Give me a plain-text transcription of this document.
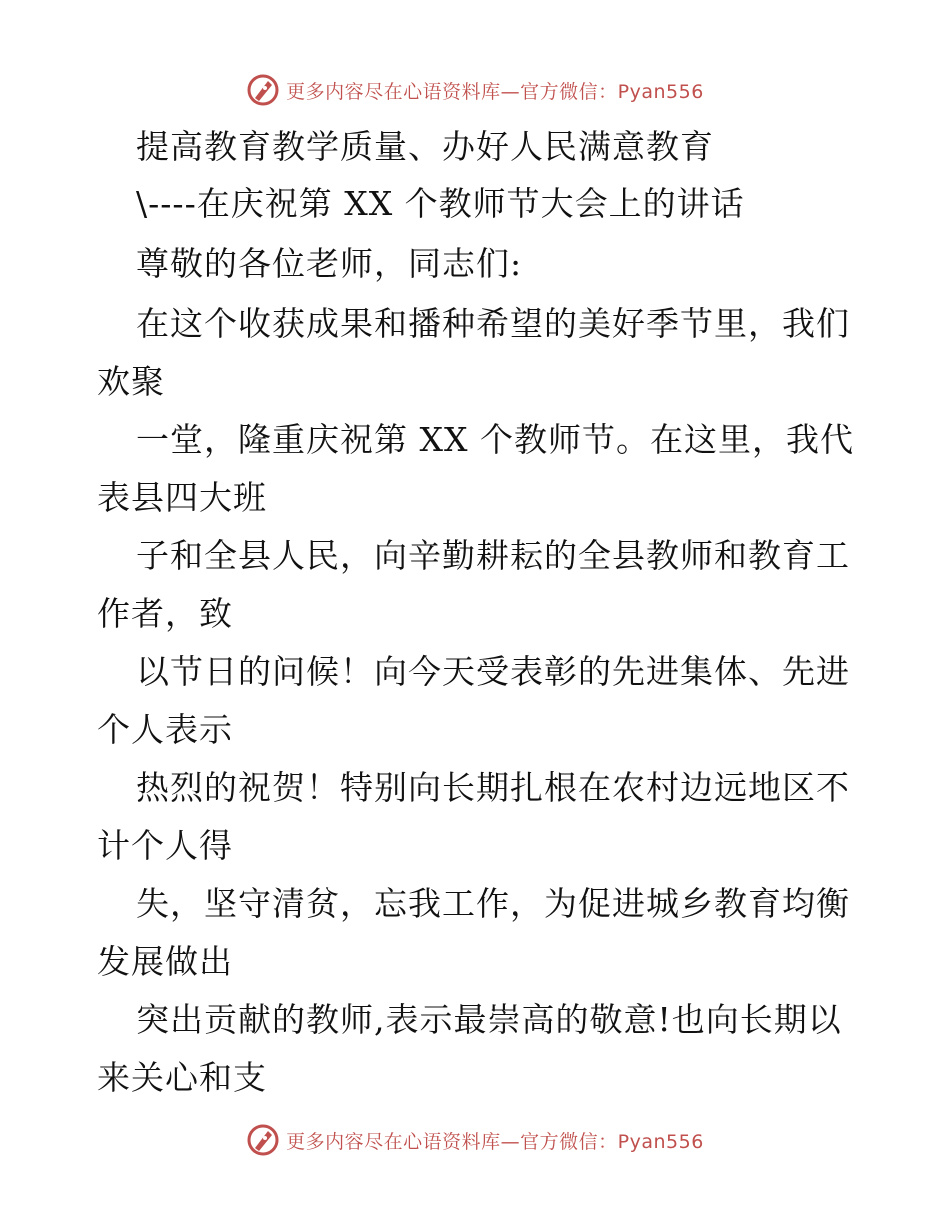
更多内容尽在心语资料库—官方微信：Pyan556
提高教育教学质量、办好人民满意教育
\----在庆祝第 XX 个教师节大会上的讲话
尊敬的各位老师，同志们:
在这个收获成果和播种希望的美好季节里，我们
欢聚
一堂，隆重庆祝第 XX 个教师节。在这里，我代
表县四大班
子和全县人民，向辛勤耕耘的全县教师和教育工
作者，致
以节日的问候！向今天受表彰的先进集体、先进
个人表示
热烈的祝贺！特别向长期扎根在农村边远地区不
计个人得
失，坚守清贫，忘我工作，为促进城乡教育均衡
发展做出
突出贡献的教师,表示最崇高的敬意!也向长期以
来关心和支
更多内容尽在心语资料库—官方微信：Pyan556
